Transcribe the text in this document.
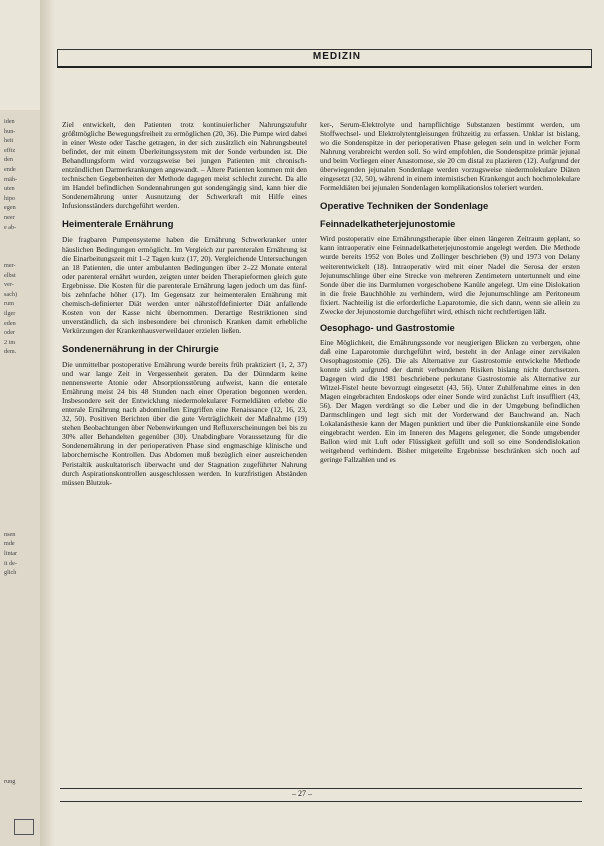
iden
hun-
heit
effiz
den
ende
rnäh-
uten
hipo
egen
neer
e ab-
mer-
elbst
ver-
sach)
rum
ilger
eden
oder
2 im
dem.
nsen
mde
lintar
it de-
glich
rung
MEDIZIN

Ziel entwickelt, den Patienten trotz kontinuierlicher Nahrungszufuhr größtmögliche Bewegungsfreiheit zu ermöglichen (20, 36). Die Pumpe wird dabei in einer Weste oder Tasche getragen, in der sich zusätzlich ein Nahrungsbeutel befindet, der mit einem Überleitungssystem mit der Sonde verbunden ist. Die Behandlungsform wird vorzugsweise bei jungen Patienten mit chronisch-entzündlichen Darmerkrankungen angewandt. – Ältere Patienten kommen mit den technischen Gegebenheiten der Methode dagegen meist schlecht zurecht. Da alle im Handel befindlichen Sondennahrungen gut sondengängig sind, kann hier die Sondenernährung unter Ausnutzung der Schwerkraft mit Hilfe eines Infusionsständers durchgeführt werden.

Heimenterale Ernährung

Die fragbaren Pumpensysteme haben die Ernährung Schwerkranker unter häuslichen Bedingungen ermöglicht. Im Vergleich zur parenteralen Ernährung ist die Einarbeitungszeit mit 1–2 Tagen kurz (17, 20). Vergleichende Untersuchungen an 18 Patienten, die unter ambulanten Bedingungen über 2–22 Monate enteral oder parenteral ernährt wurden, zeigten unter beiden Therapieformen gleich gute Ergebnisse. Die Kosten für die parenterale Ernährung lagen jedoch um das fünf- bis zehnfache höher (17). Im Gegensatz zur heimenteralen Ernährung mit chemisch-definierter Diät werden unter nährstoffdefinierter Diät anfallende Kosten von der Kasse nicht übernommen. Derartige Restriktionen sind unverständlich, da sich insbesondere bei chronisch Kranken damit erhebliche Verkürzungen der Krankenhausverweildauer erzielen ließen.

Sondenernährung in der Chirurgie

Die unmittelbar postoperative Ernährung wurde bereits früh praktiziert (1, 2, 37) und war lange Zeit in Vergessenheit geraten. Da der Dünndarm keine nennenswerte Atonie oder Absorptionsstörung aufweist, kann die enterale Ernährung meist 24 bis 48 Stunden nach einer Operation begonnen werden. Insbesondere seit der Entwicklung niedermolekularer Formeldiäten erlebte die enterale Ernährung nach abdominellen Eingriffen eine Renaissance (12, 16, 23, 32, 50). Positiven Berichten über die gute Verträglichkeit der Maßnahme (19) stehen Beobachtungen über Nebenwirkungen und Refluxerscheinungen bei bis zu 30% aller Behandelten gegenüber (30). Unabdingbare Voraussetzung für die Sondenernährung in der perioperativen Phase sind engmaschige klinische und laborchemische Kontrollen. Das Abdomen muß bezüglich einer ausreichenden Peristaltik auskultatorisch überwacht und der Stagnation zugeführter Nahrung durch Aspirationskontrollen ausgeschlossen werden. In kurzfristigen Abständen müssen Blutzuk-

ker-, Serum-Elektrolyte und harnpflichtige Substanzen bestimmt werden, um Stoffwechsel- und Elektrolytentgleisungen frühzeitig zu erfassen. Unklar ist bislang, wo die Sondenspitze in der perioperativen Phase gelegen sein und in welcher Form Nahrung verabreicht werden soll. So wird empfohlen, die Sondenspitze primär jejunal und beim Vorliegen einer Anastomose, sie 20 cm distal zu plazieren (12). Aufgrund der überwiegenden jejunalen Sondenlage werden vorzugsweise niedermolekulare Diäten eingesetzt (32, 50), während in einem internistischen Krankengut auch hochmolekulare Formeldiäten bei jejunalen Sondenlagen komplikationslos toleriert wurden.

Operative Techniken der Sondenlage
Feinnadelkatheterjejunostomie

Wird postoperativ eine Ernährungstherapie über einen längeren Zeitraum geplant, so kann intraoperativ eine Feinnadelkatheterjejunostomie angelegt werden. Die Methode wurde bereits 1952 von Boles und Zollinger beschrieben (9) und 1973 von Delany weiterentwickelt (18). Intraoperativ wird mit einer Nadel die Serosa der ersten Jejunumschlinge über eine Strecke von mehreren Zentimetern untertunnelt und eine Sonde über die ins Darmlumen vorgeschobene Kanüle angelegt. Um eine Dislokation in die freie Bauchhöhle zu verhindern, wird die Jejunumschlinge am Peritoneum fixiert. Nachteilig ist die erforderliche Laparotomie, die sich dann, wenn sie allein zu Zwecke der Jejunostomie durchgeführt wird, ethisch nicht rechtfertigen läßt.

Oesophago- und Gastrostomie

Eine Möglichkeit, die Ernährungssonde vor neugierigen Blicken zu verbergen, ohne daß eine Laparotomie durchgeführt wird, besteht in der Anlage einer zervikalen Oesophagostomie (26). Die als Alternative zur Gastrostomie entwickelte Methode konnte sich aufgrund der damit verbundenen Risiken bislang nicht durchsetzen. Dagegen wird die 1981 beschriebene perkutane Gastrostomie als Alternative zur Witzel-Fistel heute bevorzugt eingesetzt (43, 56). Unter Zuhilfenahme eines in den Magen eingebrachten Endoskops oder einer Sonde wird zunächst Luft insuffliert (43, 56). Der Magen verdrängt so die Leber und die in der Umgebung befindlichen Darmschlingen und legt sich mit der Vorderwand der Bauchwand an. Nach Lokalanästhesie kann der Magen punktiert und über die Punktionskanüle eine Sonde eingebracht werden. Ein im Inneren des Magens gelegener, die Sonde umgebender Ballon wird mit Luft oder Flüssigkeit gefüllt und soll so eine Sondendislokation weitgehend verhindern. Bisher mitgeteilte Ergebnisse beschränken sich noch auf geringe Fallzahlen und es

– 27 –
